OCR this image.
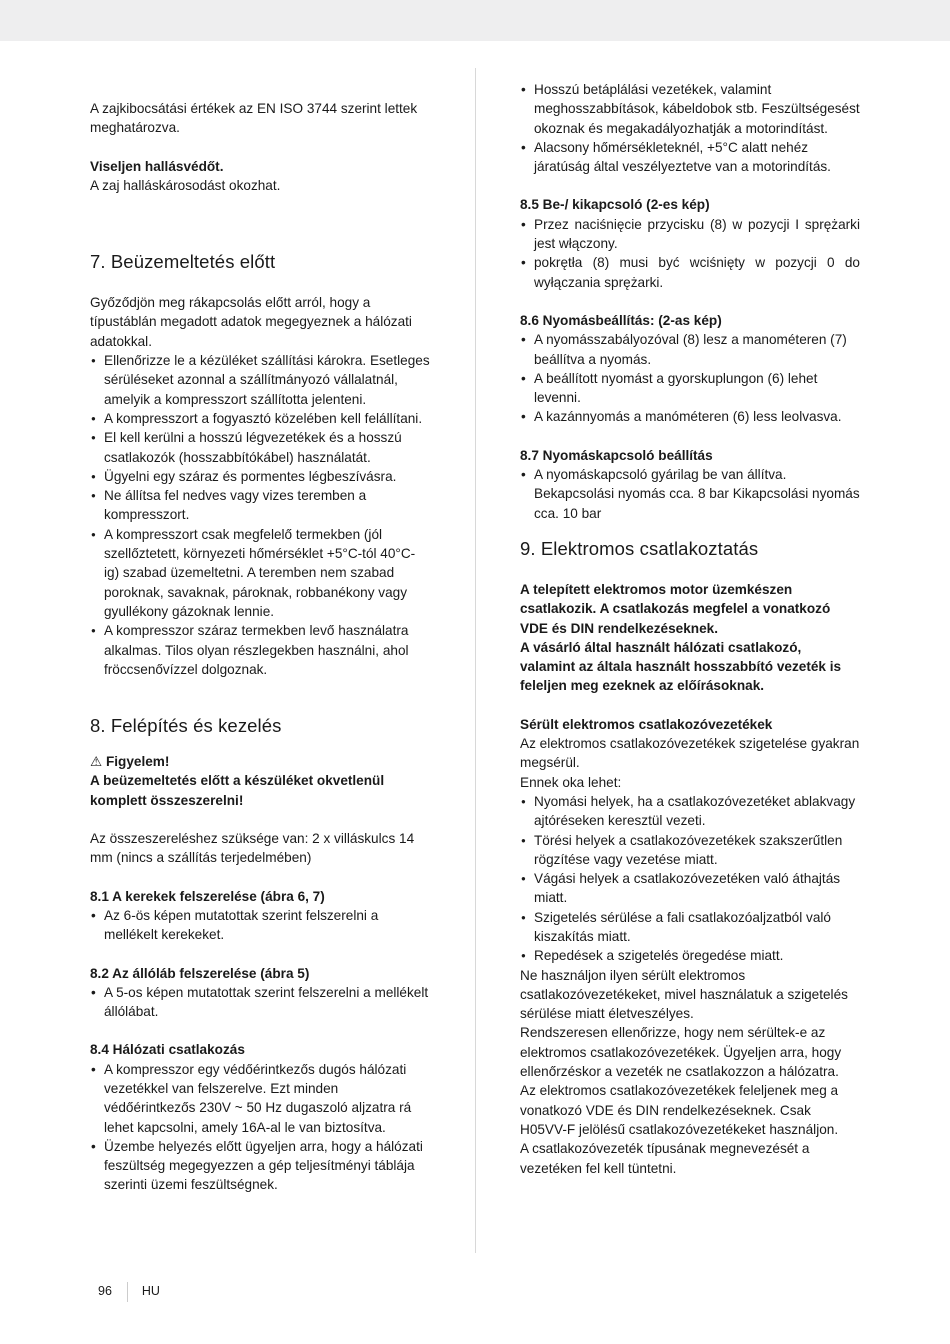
A zajkibocsátási értékek az EN ISO 3744 szerint lettek meghatározva.

Viseljen hallásvédőt.

A zaj halláskárosodást okozhat.

7. Beüzemeltetés előtt

Győződjön meg rákapcsolás előtt arról, hogy a típustáblán megadott adatok megegyeznek a hálózati adatokkal.

● Ellenőrizze le a kézüléket szállítási károkra. Esetleges sérüléseket azonnal a szállítmányozó vállalatnál, amelyik a kompresszort szállította jelenteni.
● A kompresszort a fogyasztó közelében kell felállítani.
● El kell kerülni a hosszú légvezetékek és a hosszú csatlakozók (hosszabbítókábel) használatát.
● Ügyelni egy száraz és pormentes légbeszívásra.
● Ne állítsa fel nedves vagy vizes teremben a kompresszort.
● A kompresszort csak megfelelő termekben (jól szellőztetett, környezeti hőmérséklet +5°C-tól 40°C-ig) szabad üzemeltetni. A teremben nem szabad poroknak, savaknak, pároknak, robbanékony vagy gyullékony gázoknak lennie.
● A kompresszor száraz termekben levő használatra alkalmas. Tilos olyan részlegekben használni, ahol fröccsenővízzel dolgoznak.
8. Felépítés és kezelés

⚠ Figyelem!

A beüzemeltetés előtt a készüléket okvetlenül komplett összeszerelni!

Az összeszereléshez szüksége van: 2 x villáskulcs 14 mm (nincs a szállítás terjedelmében)

8.1 A kerekek felszerelése (ábra 6, 7)

• Az 6-ös képen mutatottak szerint felszerelni a mellékelt kerekeket.

8.2 Az állóláb felszerelése (ábra 5)

• A 5-os képen mutatottak szerint felszerelni a mellékelt állólábat.

8.4 Hálózati csatlakozás

• A kompresszor egy védőérintkezős dugós hálózati vezetékkel van felszerelve. Ezt minden védőérintkezős 230V ~ 50 Hz dugaszoló aljzatra rá lehet kapcsolni, amely 16A-al le van biztosítva.
• Üzembe helyezés előtt ügyeljen arra, hogy a hálózati feszültség megegyezzen a gép teljesítményi táblája szerinti üzemi feszültségnek.
• Hosszú betáplálási vezetékek, valamint meghosszabbítások, kábeldobok stb. Feszültségesést okoznak és megakadályozhatják a motorindítást.
• Alacsony hőmérsékleteknél, +5°C alatt nehéz járatúság által veszélyeztetve van a motorindítás.

8.5 Be-/ kikapcsoló (2-es kép)

• Przez naciśnięcie przycisku (8) w pozycji I sprężarki jest włączony.
• pokrętła (8) musi być wciśnięty w pozycji 0 do wyłączania sprężarki.

8.6 Nyomásbeállítás: (2-as kép)

• A nyomásszabályozóval (8) lesz a manométeren (7) beállítva a nyomás.
• A beállított nyomást a gyorskuplungon (6) lehet levenni.
• A kazánnyomás a manóméteren (6) less leolvasva.

8.7 Nyomáskapcsoló beállítás

• A nyomáskapcsoló gyárilag be van állítva. Bekapcsolási nyomás cca. 8 bar Kikapcsolási nyomás cca. 10 bar
9. Elektromos csatlakoztatás

A telepített elektromos motor üzemkészen csatlakozik. A csatlakozás megfelel a vonatkozó VDE és DIN rendelkezéseknek.

A vásárló által használt hálózati csatlakozó, valamint az általa használt hosszabbító vezeték is feleljen meg ezeknek az előírásoknak.

Sérült elektromos csatlakozóvezetékek

Az elektromos csatlakozóvezetékek szigetelése gyakran megsérül.

Ennek oka lehet:

● Nyomási helyek, ha a csatlakozóvezetéket ablakvagy ajtóréseken keresztül vezeti.
● Törési helyek a csatlakozóvezetékek szakszerűtlen rögzítése vagy vezetése miatt.
● Vágási helyek a csatlakozóvezetéken való áthajtás miatt.
● Szigetelés sérülése a fali csatlakozóaljzatból való kiszakítás miatt.
● Repedések a szigetelés öregedése miatt.

Ne használjon ilyen sérült elektromos csatlakozóvezetékeket, mivel használatuk a szigetelés sérülése miatt életveszélyes.

Rendszeresen ellenőrizze, hogy nem sérültek-e az elektromos csatlakozóvezetékek. Ügyeljen arra, hogy ellenőrzéskor a vezeték ne csatlakozzon a hálózatra.

Az elektromos csatlakozóvezetékek feleljenek meg a vonatkozó VDE és DIN rendelkezéseknek. Csak H05VV-F jelölésű csatlakozóvezetékeket használjon.

A csatlakozóvezeték típusának megnevezését a vezetéken fel kell tüntetni.

96 HU
